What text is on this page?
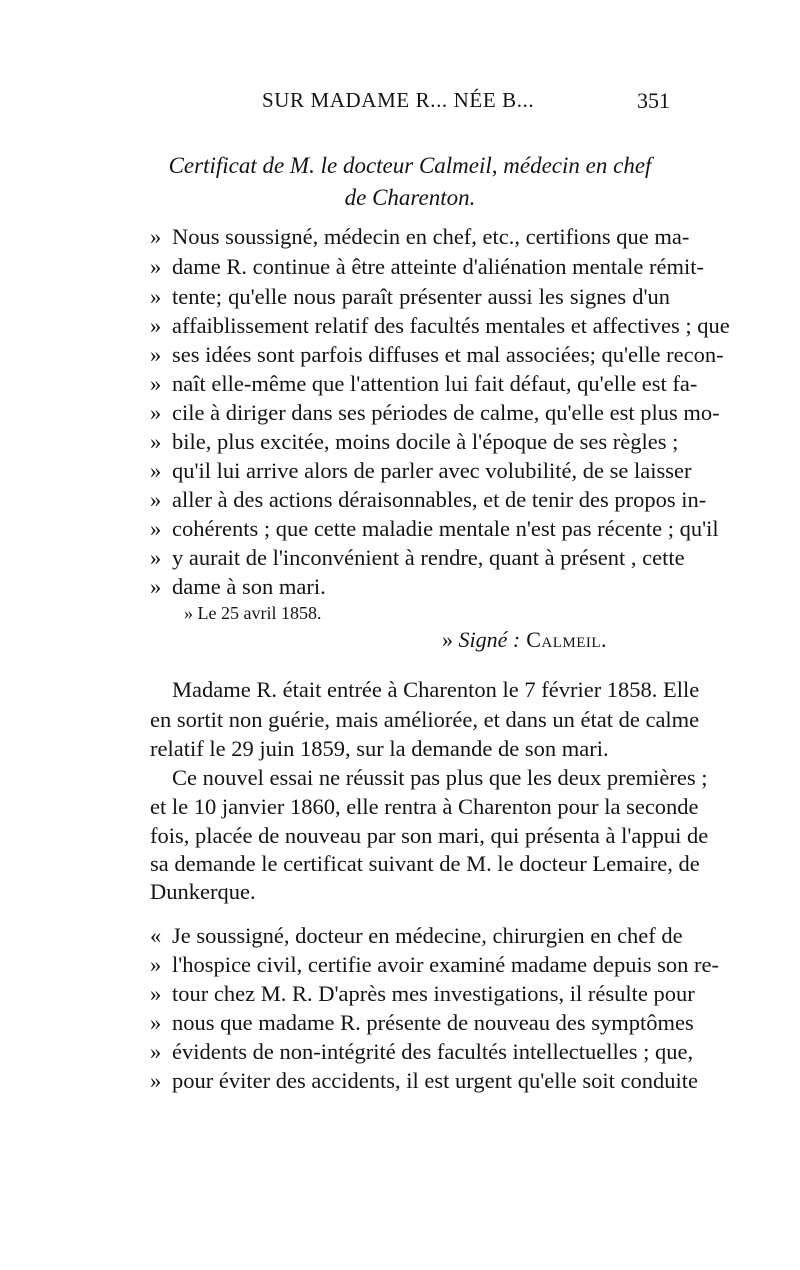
SUR MADAME R... NÉE B...	351
Certificat de M. le docteur Calmeil, médecin en chef
de Charenton.
» Nous soussigné, médecin en chef, etc., certifions que ma-
» dame R. continue à être atteinte d'aliénation mentale rémit-
» tente; qu'elle nous paraît présenter aussi les signes d'un
» affaiblissement relatif des facultés mentales et affectives ; que
» ses idées sont parfois diffuses et mal associées; qu'elle recon-
» naît elle-même que l'attention lui fait défaut, qu'elle est fa-
» cile à diriger dans ses périodes de calme, qu'elle est plus mo-
» bile, plus excitée, moins docile à l'époque de ses règles ;
» qu'il lui arrive alors de parler avec volubilité, de se laisser
» aller à des actions déraisonnables, et de tenir des propos in-
» cohérents ; que cette maladie mentale n'est pas récente ; qu'il
» y aurait de l'inconvénient à rendre, quant à présent , cette
» dame à son mari.
» Le 25 avril 1858.
» Signé : Calmeil.
Madame R. était entrée à Charenton le 7 février 1858. Elle
en sortit non guérie, mais améliorée, et dans un état de calme
relatif le 29 juin 1859, sur la demande de son mari.
Ce nouvel essai ne réussit pas plus que les deux premières ;
et le 10 janvier 1860, elle rentra à Charenton pour la seconde
fois, placée de nouveau par son mari, qui présenta à l'appui de
sa demande le certificat suivant de M. le docteur Lemaire, de
Dunkerque.
« Je soussigné, docteur en médecine, chirurgien en chef de
» l'hospice civil, certifie avoir examiné madame depuis son re-
» tour chez M. R. D'après mes investigations, il résulte pour
» nous que madame R. présente de nouveau des symptômes
» évidents de non-intégrité des facultés intellectuelles ; que,
» pour éviter des accidents, il est urgent qu'elle soit conduite
